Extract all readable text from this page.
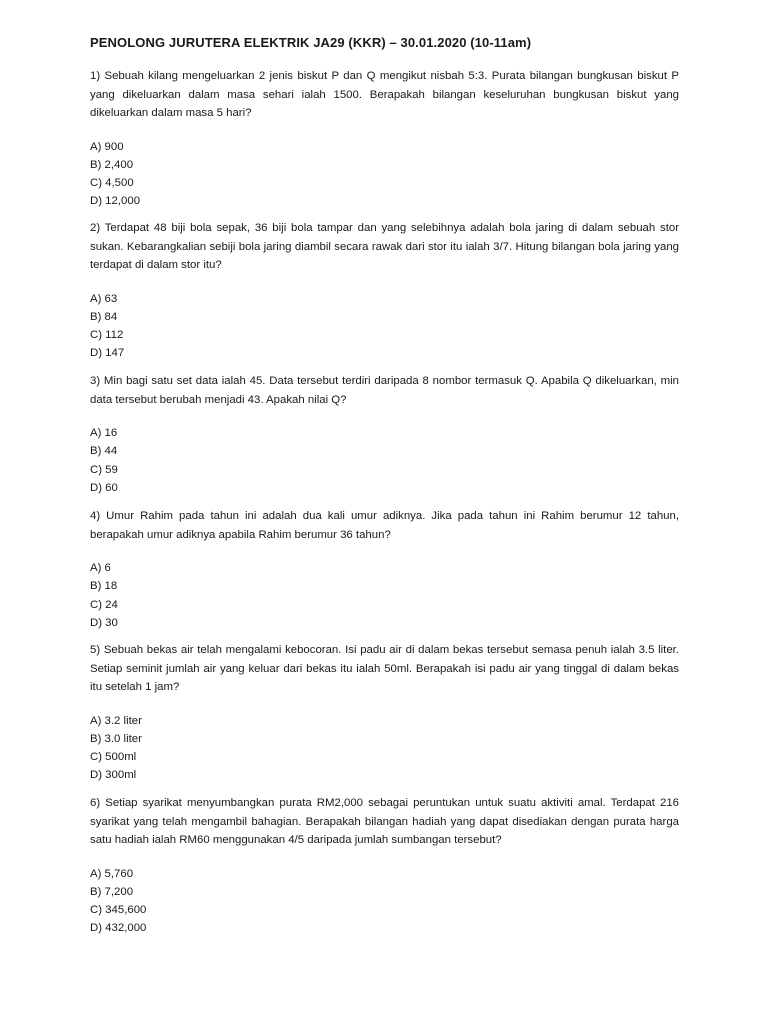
PENOLONG JURUTERA ELEKTRIK JA29 (KKR) – 30.01.2020 (10-11am)

1) Sebuah kilang mengeluarkan 2 jenis biskut P dan Q mengikut nisbah 5:3. Purata bilangan bungkusan biskut P yang dikeluarkan dalam masa sehari ialah 1500. Berapakah bilangan keseluruhan bungkusan biskut yang dikeluarkan dalam masa 5 hari?

A) 900
B) 2,400
C) 4,500
D) 12,000

2) Terdapat 48 biji bola sepak, 36 biji bola tampar dan yang selebihnya adalah bola jaring di dalam sebuah stor sukan. Kebarangkalian sebiji bola jaring diambil secara rawak dari stor itu ialah 3/7. Hitung bilangan bola jaring yang terdapat di dalam stor itu?

A) 63
B) 84
C) 112
D) 147

3) Min bagi satu set data ialah 45. Data tersebut terdiri daripada 8 nombor termasuk Q. Apabila Q dikeluarkan, min data tersebut berubah menjadi 43. Apakah nilai Q?

A) 16
B) 44
C) 59
D) 60

4) Umur Rahim pada tahun ini adalah dua kali umur adiknya. Jika pada tahun ini Rahim berumur 12 tahun, berapakah umur adiknya apabila Rahim berumur 36 tahun?

A) 6
B) 18
C) 24
D) 30

5) Sebuah bekas air telah mengalami kebocoran. Isi padu air di dalam bekas tersebut semasa penuh ialah 3.5 liter. Setiap seminit jumlah air yang keluar dari bekas itu ialah 50ml. Berapakah isi padu air yang tinggal di dalam bekas itu setelah 1 jam?

A) 3.2 liter
B) 3.0 liter
C) 500ml
D) 300ml

6) Setiap syarikat menyumbangkan purata RM2,000 sebagai peruntukan untuk suatu aktiviti amal. Terdapat 216 syarikat yang telah mengambil bahagian. Berapakah bilangan hadiah yang dapat disediakan dengan purata harga satu hadiah ialah RM60 menggunakan 4/5 daripada jumlah sumbangan tersebut?

A) 5,760
B) 7,200
C) 345,600
D) 432,000
